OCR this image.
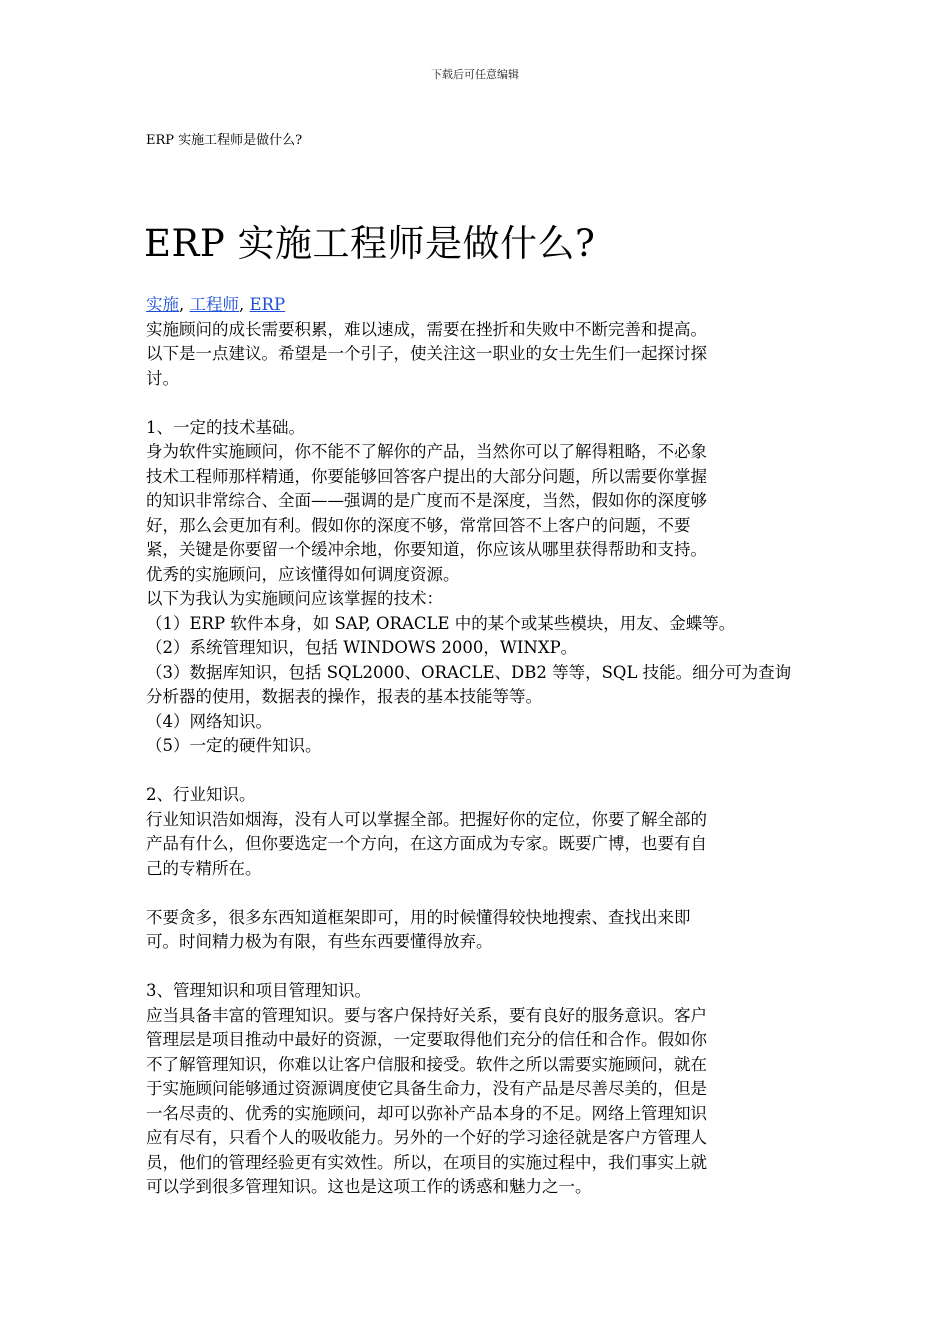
下载后可任意编辑
ERP 实施工程师是做什么?
ERP 实施工程师是做什么?
实施, 工程师, ERP
实施顾问的成长需要积累，难以速成，需要在挫折和失败中不断完善和提高。
以下是一点建议。希望是一个引子，使关注这一职业的女士先生们一起探讨探
讨。
1、一定的技术基础。
身为软件实施顾问，你不能不了解你的产品，当然你可以了解得粗略，不必象
技术工程师那样精通，你要能够回答客户提出的大部分问题，所以需要你掌握
的知识非常综合、全面——强调的是广度而不是深度，当然，假如你的深度够
好，那么会更加有利。假如你的深度不够，常常回答不上客户的问题，不要
紧，关键是你要留一个缓冲余地，你要知道，你应该从哪里获得帮助和支持。
优秀的实施顾问，应该懂得如何调度资源。
以下为我认为实施顾问应该掌握的技术：
（1）ERP 软件本身，如 SAP, ORACLE 中的某个或某些模块，用友、金蝶等。
（2）系统管理知识，包括 WINDOWS 2000，WINXP。
（3）数据库知识，包括 SQL2000、ORACLE、DB2 等等，SQL 技能。细分可为查询
分析器的使用，数据表的操作，报表的基本技能等等。
（4）网络知识。
（5）一定的硬件知识。
2、行业知识。
行业知识浩如烟海，没有人可以掌握全部。把握好你的定位，你要了解全部的
产品有什么，但你要选定一个方向，在这方面成为专家。既要广博，也要有自
己的专精所在。
不要贪多，很多东西知道框架即可，用的时候懂得较快地搜索、查找出来即
可。时间精力极为有限，有些东西要懂得放弃。
3、管理知识和项目管理知识。
应当具备丰富的管理知识。要与客户保持好关系，要有良好的服务意识。客户
管理层是项目推动中最好的资源，一定要取得他们充分的信任和合作。假如你
不了解管理知识，你难以让客户信服和接受。软件之所以需要实施顾问，就在
于实施顾问能够通过资源调度使它具备生命力，没有产品是尽善尽美的，但是
一名尽责的、优秀的实施顾问，却可以弥补产品本身的不足。网络上管理知识
应有尽有，只看个人的吸收能力。另外的一个好的学习途径就是客户方管理人
员，他们的管理经验更有实效性。所以，在项目的实施过程中，我们事实上就
可以学到很多管理知识。这也是这项工作的诱惑和魅力之一。
